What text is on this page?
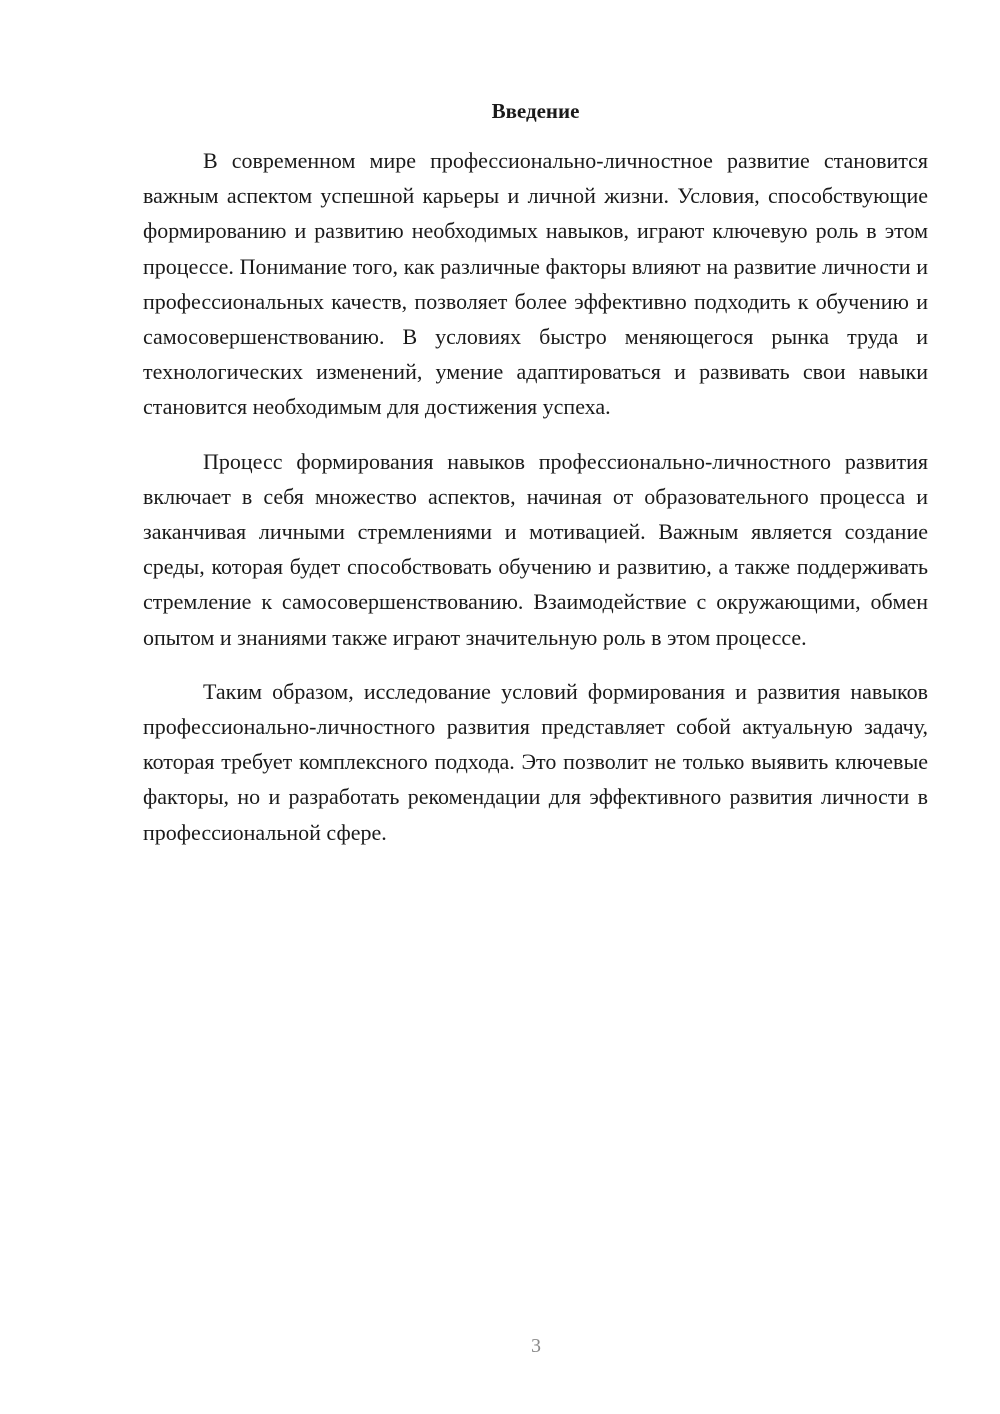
Введение

В современном мире профессионально-личностное развитие становится важным аспектом успешной карьеры и личной жизни. Условия, способствующие формированию и развитию необходимых навыков, играют ключевую роль в этом процессе. Понимание того, как различные факторы влияют на развитие личности и профессиональных качеств, позволяет более эффективно подходить к обучению и самосовершенствованию. В условиях быстро меняющегося рынка труда и технологических изменений, умение адаптироваться и развивать свои навыки становится необходимым для достижения успеха.

Процесс формирования навыков профессионально-личностного развития включает в себя множество аспектов, начиная от образовательного процесса и заканчивая личными стремлениями и мотивацией. Важным является создание среды, которая будет способствовать обучению и развитию, а также поддерживать стремление к самосовершенствованию. Взаимодействие с окружающими, обмен опытом и знаниями также играют значительную роль в этом процессе.

Таким образом, исследование условий формирования и развития навыков профессионально-личностного развития представляет собой актуальную задачу, которая требует комплексного подхода. Это позволит не только выявить ключевые факторы, но и разработать рекомендации для эффективного развития личности в профессиональной сфере.

3
